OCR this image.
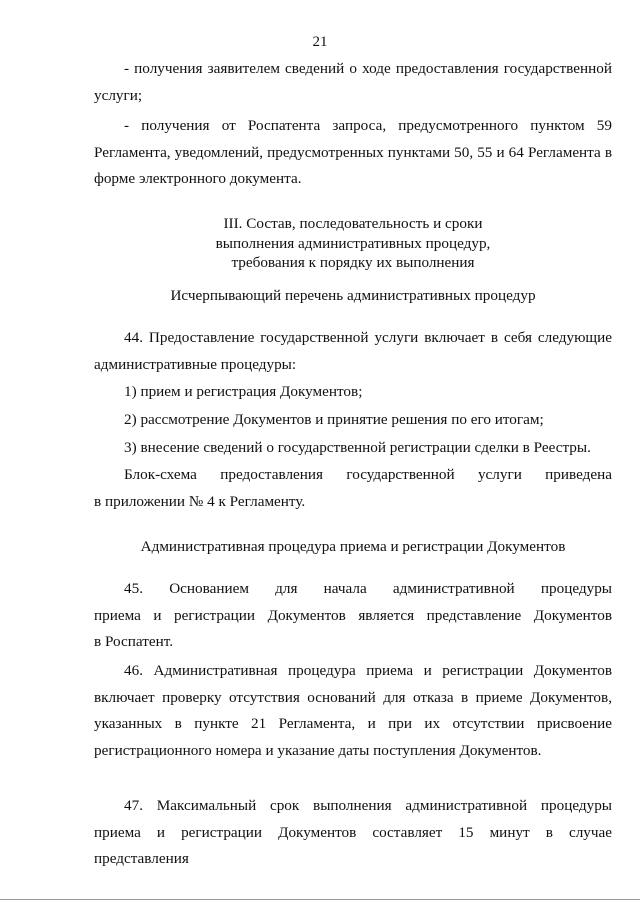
21

- получения заявителем сведений о ходе предоставления государственной услуги;

- получения от Роспатента запроса, предусмотренного пунктом 59 Регламента, уведомлений, предусмотренных пунктами 50, 55 и 64 Регламента в форме электронного документа.

III. Состав, последовательность и сроки

выполнения административных процедур,

требования к порядку их выполнения

Исчерпывающий перечень административных процедур

44. Предоставление государственной услуги включает в себя следующие административные процедуры:

1) прием и регистрация Документов;

2) рассмотрение Документов и принятие решения по его итогам;

3) внесение сведений о государственной регистрации сделки в Реестры.

Блок-схема предоставления государственной услуги приведена

в приложении № 4 к Регламенту.

Административная процедура приема и регистрации Документов

45. Основанием для начала административной процедуры

приема и регистрации Документов является представление Документов

в Роспатент.

46. Административная процедура приема и регистрации Документов включает проверку отсутствия оснований для отказа в приеме Документов, указанных в пункте 21 Регламента, и при их отсутствии присвоение регистрационного номера и указание даты поступления Документов.

47. Максимальный срок выполнения административной процедуры приема и регистрации Документов составляет 15 минут в случае представления
